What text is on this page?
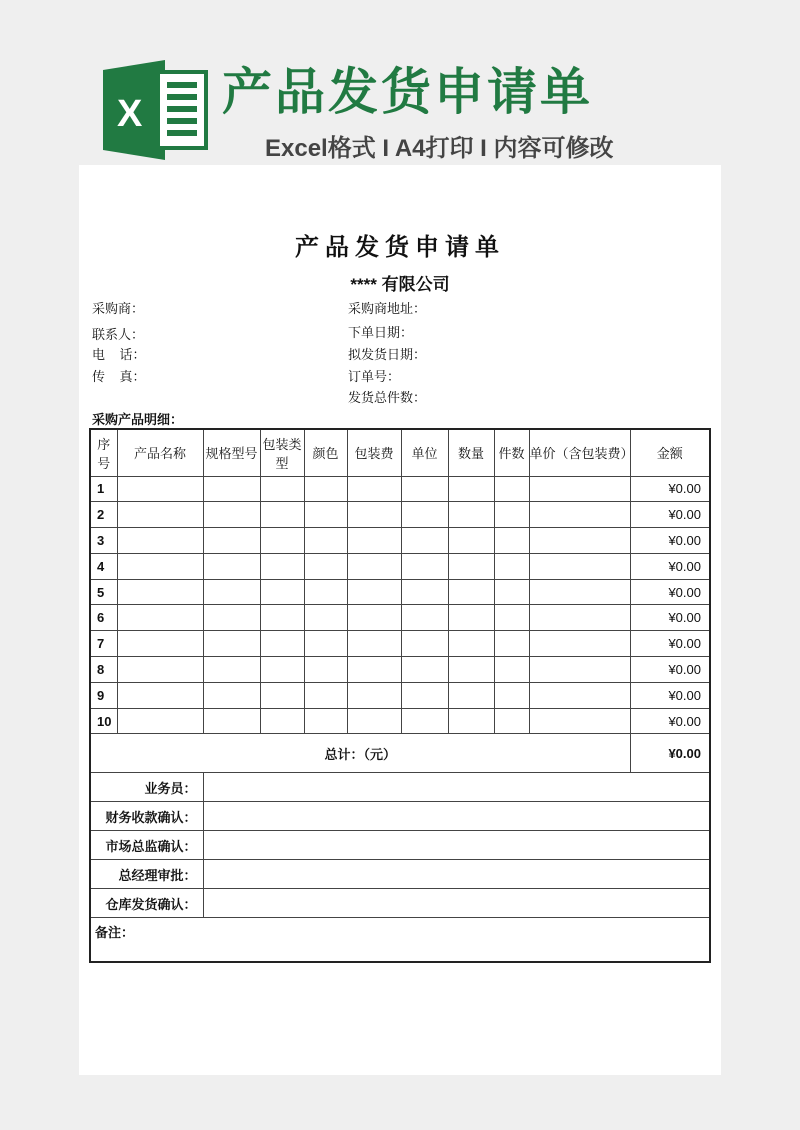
X 产品发货申请单
Excel格式 I A4打印 I 内容可修改
产品发货申请单
**** 有限公司
采购商：
联系人：
电    话：
传    真：
采购商地址：
下单日期：
拟发货日期：
订单号：
发货总件数：
采购产品明细：
序号	产品名称	规格型号	包装类型	颜色	包装费	单位	数量	件数	单价（含包装费）	金额
1										¥0.00
2										¥0.00
3										¥0.00
4										¥0.00
5										¥0.00
6										¥0.00
7										¥0.00
8										¥0.00
9										¥0.00
10										¥0.00
总计：（元）										¥0.00
业务员：										
财务收款确认：										
市场总监确认：										
总经理审批：										
仓库发货确认：										
备注：										
